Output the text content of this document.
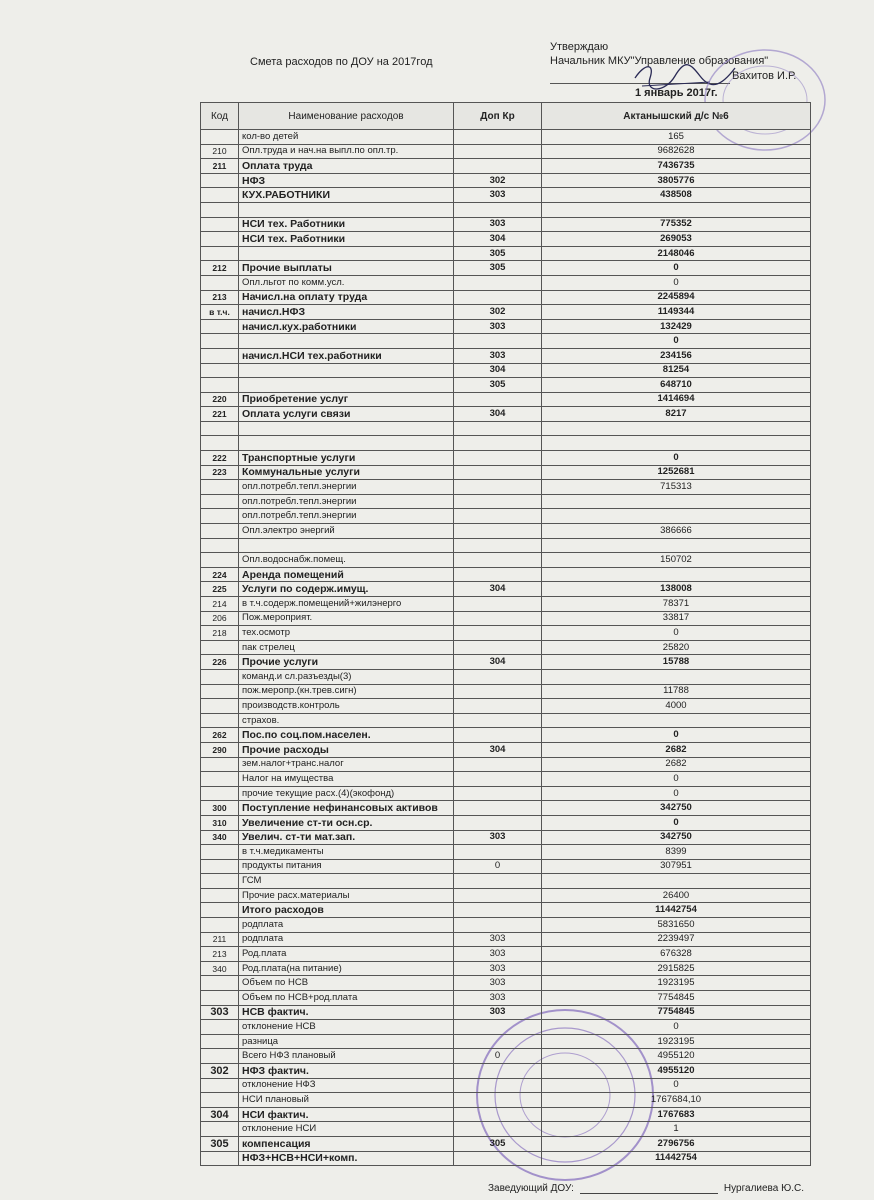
Смета расходов по ДОУ на 2017год
Утверждаю
Начальник МКУ"Управление образования"
Вахитов И.Р.
1 январь 2017г.
Код	Наименование расходов	Доп Кр	Актанышский д/с №6
	кол-во детей		165
210	Опл.труда и нач.на выпл.по опл.тр.		9682628
211	Оплата труда		7436735
	НФЗ	302	3805776
	КУХ.РАБОТНИКИ	303	438508

	НСИ тех. Работники	303	775352
	НСИ тех. Работники	304	269053
		305	2148046
212	Прочие выплаты	305	0
	Опл.льгот по комм.усл.		0
213	Начисл.на оплату труда		2245894
в т.ч.	начисл.НФЗ	302	1149344
	начисл.кух.работники	303	132429
			0
	начисл.НСИ тех.работники	303	234156
		304	81254
		305	648710
220	Приобретение услуг		1414694
221	Оплата услуги связи	304	8217

222	Транспортные услуги		0
223	Коммунальные услуги		1252681
	опл.потребл.тепл.энергии		715313
	опл.потребл.тепл.энергии		
	опл.потребл.тепл.энергии		
	Опл.электро энергий		386666

	Опл.водоснабж.помещ.		150702
224	Аренда помещений		
225	Услуги по содерж.имущ.	304	138008
214	в т.ч.содерж.помещений+жилэнерго		78371
206	Пож.мероприят.		33817
218	тех.осмотр		0
	пак стрелец		25820
226	Прочие услуги	304	15788
	команд.и сл.разъезды(3)		
	пож.меропр.(кн.трев.сигн)		11788
	производств.контроль		4000
	страхов.		
262	Пос.по соц.пом.населен.		0
290	Прочие расходы	304	2682
	зем.налог+транс.налог		2682
	Налог на имущества		0
	прочие текущие расх.(4)(экофонд)		0
300	Поступление нефинансовых активов		342750
310	Увеличение ст-ти осн.ср.		0
340	Увелич. ст-ти мат.зап.	303	342750
	в т.ч.медикаменты		8399
	продукты питания	0	307951
	ГСМ		
	Прочие расх.материалы		26400
	Итого расходов		11442754
	родплата		5831650
211	родплата	303	2239497
213	Род.плата	303	676328
340	Род.плата(на питание)	303	2915825
	Объем по НСВ	303	1923195
	Объем по НСВ+род.плата	303	7754845
303	НСВ фактич.	303	7754845
	отклонение НСВ		0
	разница		1923195
	Всего НФЗ плановый	0	4955120
302	НФЗ фактич.		4955120
	отклонение НФЗ		0
	НСИ плановый		1767684,10
304	НСИ фактич.		1767683
	отклонение НСИ		1
305	компенсация	305	2796756
	НФЗ+НСВ+НСИ+комп.		11442754
Заведующий ДОУ:	Нургалиева Ю.С.
